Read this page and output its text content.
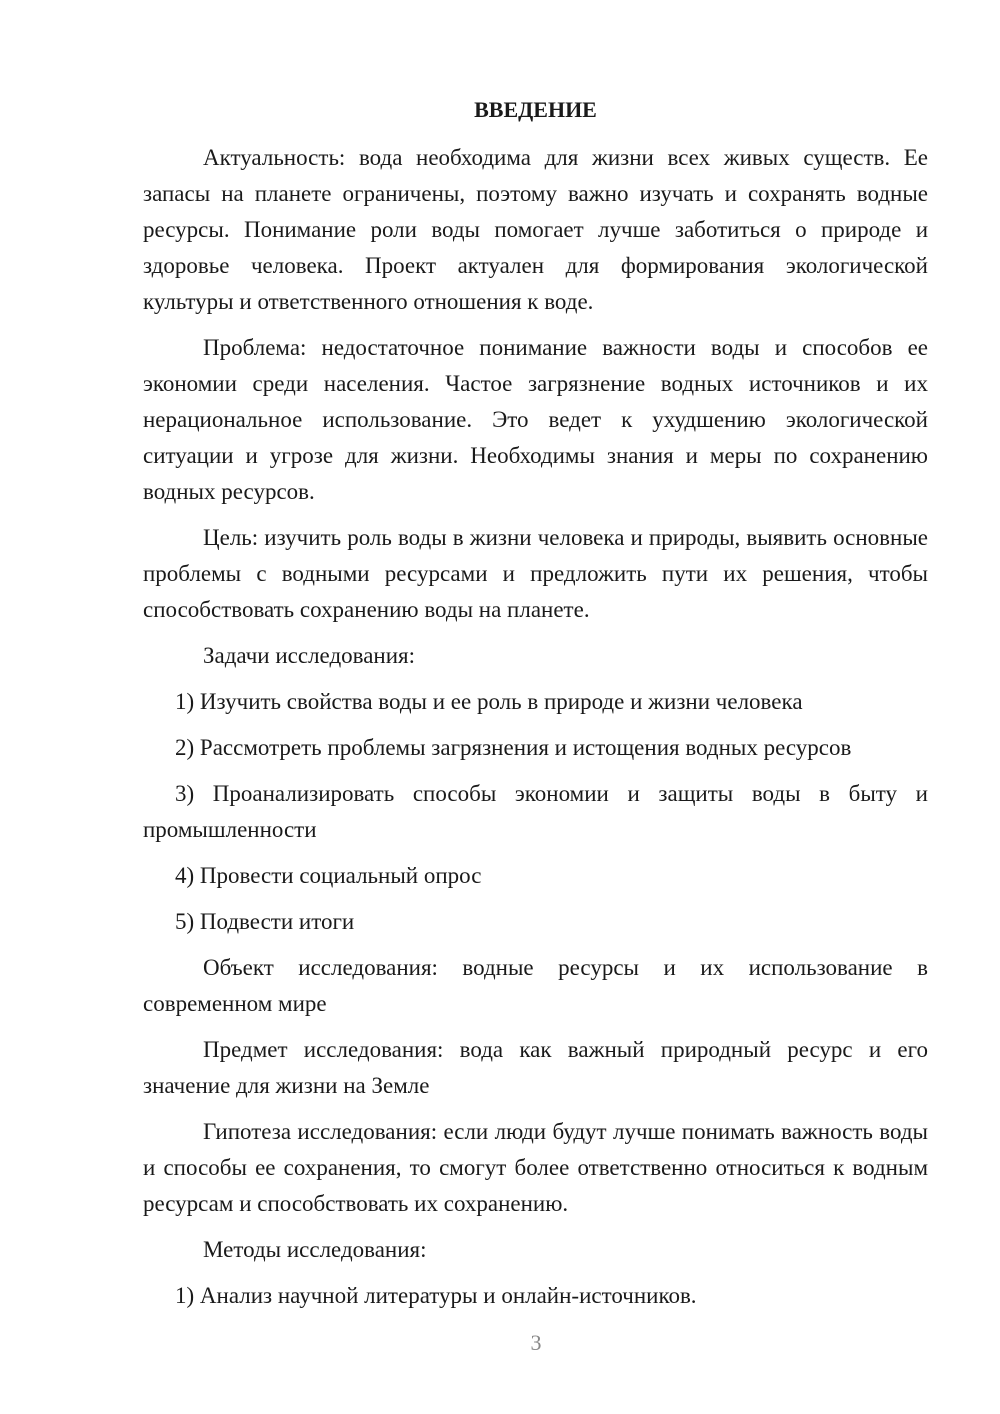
ВВЕДЕНИЕ

Актуальность: вода необходима для жизни всех живых существ. Ее запасы на планете ограничены, поэтому важно изучать и сохранять водные ресурсы. Понимание роли воды помогает лучше заботиться о природе и здоровье человека. Проект актуален для формирования экологической культуры и ответственного отношения к воде.

Проблема: недостаточное понимание важности воды и способов ее экономии среди населения. Частое загрязнение водных источников и их нерациональное использование. Это ведет к ухудшению экологической ситуации и угрозе для жизни. Необходимы знания и меры по сохранению водных ресурсов.

Цель: изучить роль воды в жизни человека и природы, выявить основные проблемы с водными ресурсами и предложить пути их решения, чтобы способствовать сохранению воды на планете.

Задачи исследования:

1) Изучить свойства воды и ее роль в природе и жизни человека

2) Рассмотреть проблемы загрязнения и истощения водных ресурсов

3) Проанализировать способы экономии и защиты воды в быту и промышленности

4) Провести социальный опрос

5) Подвести итоги

Объект исследования: водные ресурсы и их использование в современном мире

Предмет исследования: вода как важный природный ресурс и его значение для жизни на Земле

Гипотеза исследования: если люди будут лучше понимать важность воды и способы ее сохранения, то смогут более ответственно относиться к водным ресурсам и способствовать их сохранению.

Методы исследования:

1) Анализ научной литературы и онлайн-источников.

3
